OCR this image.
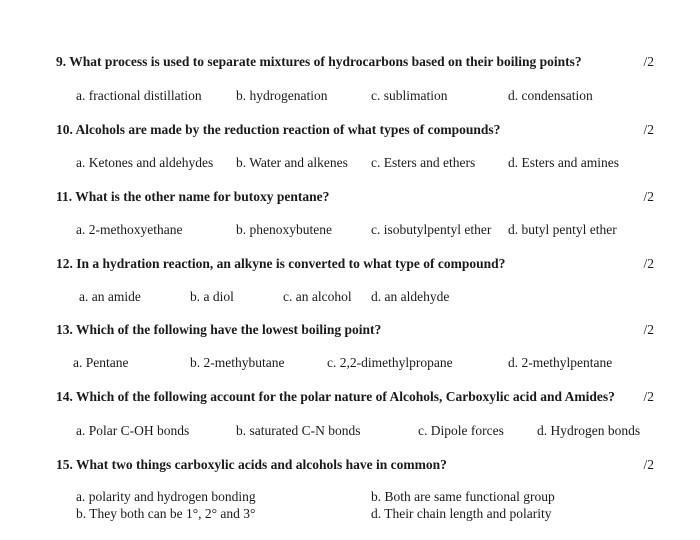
9. What process is used to separate mixtures of hydrocarbons based on their boiling points?	/2
a. fractional distillation	b. hydrogenation	c. sublimation	d. condensation
10. Alcohols are made by the reduction reaction of what types of compounds?	/2
a. Ketones and aldehydes b. Water and alkenes c. Esters and ethers d. Esters and amines
11. What is the other name for butoxy pentane?	/2
a. 2-methoxyethane	b. phenoxybutene	c. isobutylpentyl ether d. butyl pentyl ether
12. In a hydration reaction, an alkyne is converted to what type of compound?	/2
a. an amide	b. a diol	c. an alcohol d. an aldehyde
13. Which of the following have the lowest boiling point?	/2
a. Pentane	b. 2-methybutane	c. 2,2-dimethylpropane	d. 2-methylpentane
14. Which of the following account for the polar nature of Alcohols, Carboxylic acid and Amides? /2
a. Polar C-OH bonds	b. saturated C-N bonds	c. Dipole forces d. Hydrogen bonds
15. What two things carboxylic acids and alcohols have in common?	/2
a. polarity and hydrogen bonding	b. Both are same functional group
b. They both can be 1°, 2° and 3°	d. Their chain length and polarity
